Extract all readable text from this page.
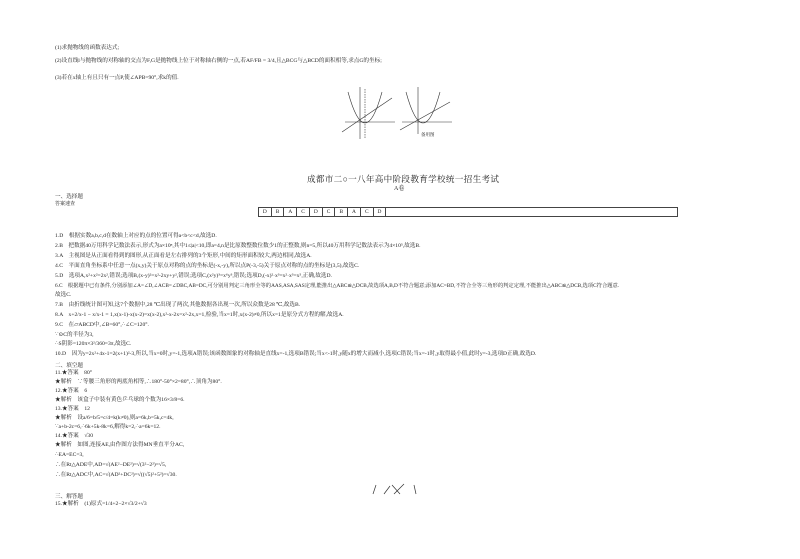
(1)求抛物线的函数表达式;
(2)设直线l与抛物线的对称轴的交点为F,G是抛物线上位于对称轴右侧的一点,若AF/FB = 3/4,且△BCG与△BCD的面积相等,求点G的坐标;
(3)若在x轴上有且只有一点P,使∠APB=90°,求k的值.
备用图
成都市二○一八年高中阶段教育学校统一招生考试
A卷
一、选择题
答案速查
D	B	A	C	D	C	B	A	C	D	
1.D　根据实数a,b,c,d在数轴上对应的点的位置可得a<b<c<d,故选D.
2.B　把数据40万用科学记数法表示,形式为a×10ⁿ,其中1≤|a|<10,即a=4,n是比原数整数位数少1的正整数,则n=5,所以40万用科学记数法表示为4×10⁵,故选B.
3.A　主视图是从正面看得到的图形,从正面看是左右排列的3个矩形,中间的矩形面积较大,两边相同,故选A.
4.C　平面直角坐标系中任意一点(x,y)关于原点对称的点的坐标是(-x,-y),所以点P(-3,-5)关于原点对称的点的坐标是(3,5),故选C.
5.D　选项A,x²+x²=2x²,错误;选项B,(x-y)²=x²-2xy+y²,错误;选项C,(x²y)³=x⁶y³,错误;选项D,(-x)²·x³=x²·x³=x⁵,正确,故选D.
6.C　根据题中已有条件,分别添加∠A=∠D,∠ACB=∠DBC,AB=DC,可分别用判定三角形全等的AAS,ASA,SAS定理,能推出△ABC≌△DCB,故选项A,B,D不符合题意;添加AC=BD,不符合全等三角形的判定定理,不能推出△ABC≌△DCB,选项C符合题意.
故选C.
7.B　由折线统计图可知,这7个数据中,28 ℃出现了两次,其他数据各出现一次,所以众数是28 ℃,故选B.
8.A　x+2/x-1 − x/x-1 = 1,x(x-1)-x(x-2)=x(x-2),x²-x-2x=x²-2x,x=1,检验,当x=1时,x(x-2)≠0,所以x=1是原分式方程的解,故选A.
9.C　在▱ABCD中,∠B=60°,∴∠C=120°.
∵⊙C的半径为3,
∴S阴影=120π×3²/360=3π,故选C.
10.D　因为y=2x²+4x-1=2(x+1)²-3,所以,当x=0时,y=-1,选项A错误;该函数图象的对称轴是直线x=-1,选项B错误;当x<-1时,y随x的增大而减小,选项C错误;当x=-1时,y取得最小值,此时y=-3,选项D正确,故选D.
二、填空题
11.★答案　80°
★解析　∵等腰三角形的两底角相等,∴180°-50°×2=80°,∴顶角为80°.
12.★答案　6
★解析　该盒子中装有黄色乒乓球的个数为16×3/8=6.
13.★答案　12
★解析　设a/6=b/5=c/4=k(k≠0),则a=6k,b=5k,c=4k,
∵a+b-2c=6,∴6k+5k-8k=6,解得k=2,∴a=6k=12.
14.★答案　√30
★解析　如图,连接AE,由作图方法得MN垂直平分AC,
∴EA=EC=3,
∴在Rt△ADE中,AD=√(AE²−DE²)=√(3²−2²)=√5,
∴在Rt△ADC中,AC=√(AD²+DC²)=√((√5)²+5²)=√30.
三、解答题
15.★解析　(1)原式=1/4+2−2×√3/2+√3
